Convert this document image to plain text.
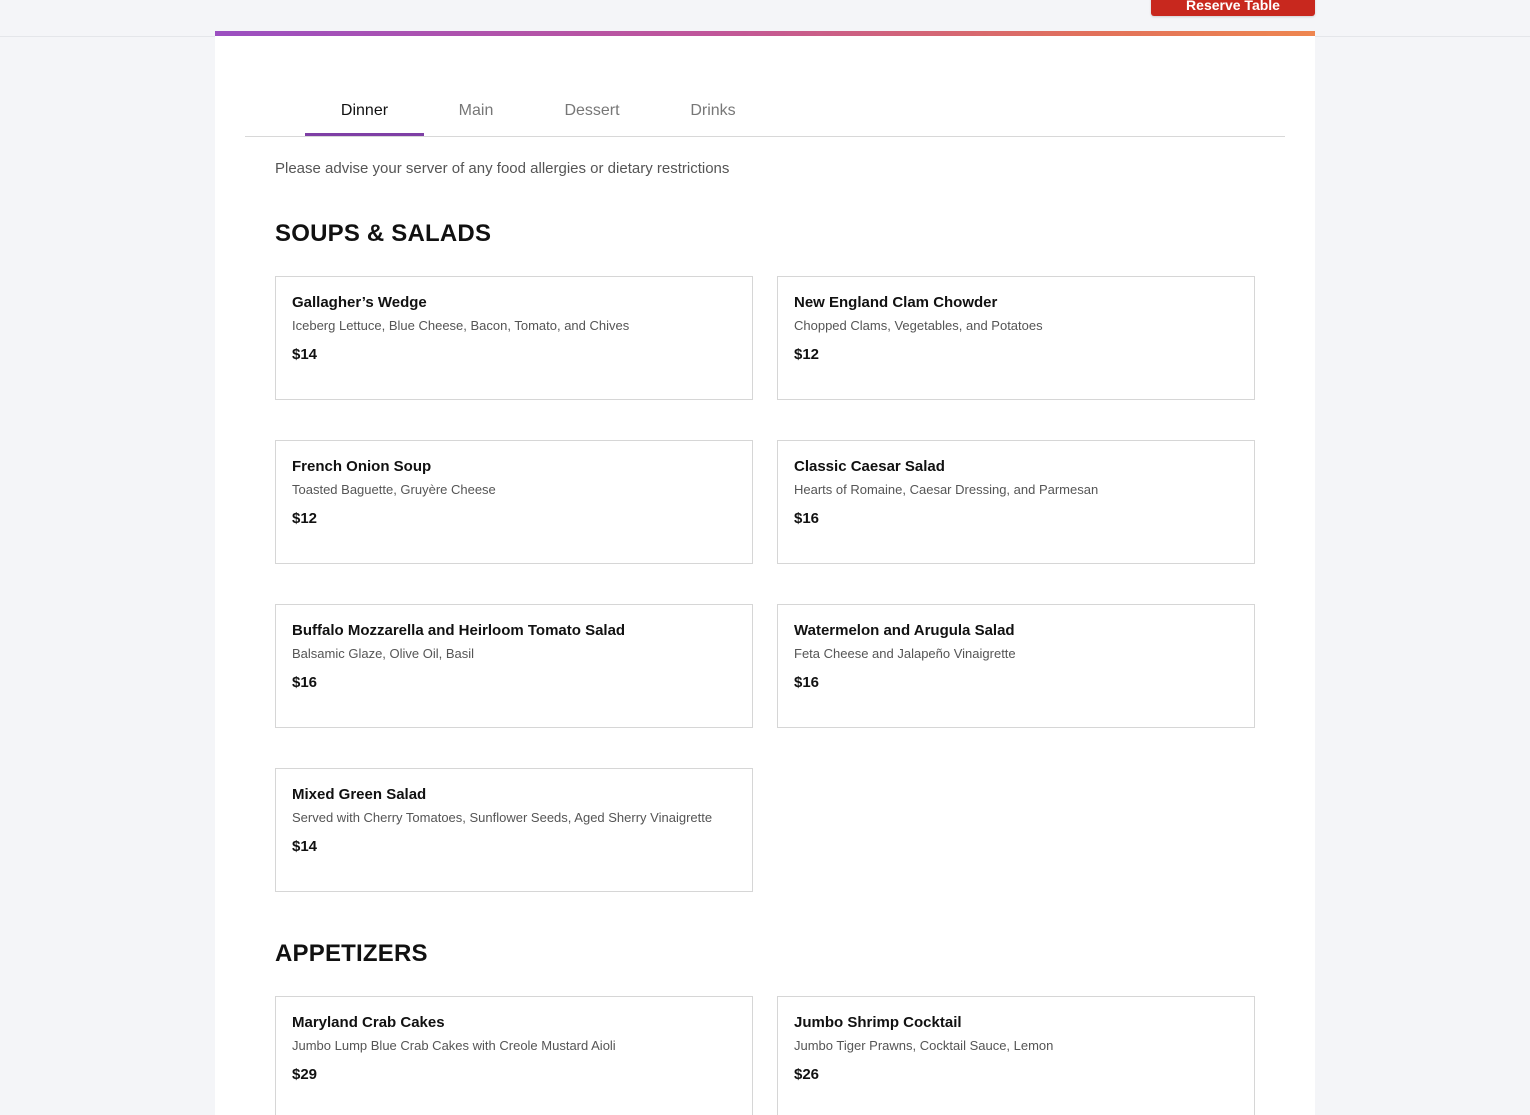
Reserve Table
Dinner	Main	Dessert	Drinks
Please advise your server of any food allergies or dietary restrictions
SOUPS & SALADS
Gallagher’s Wedge
Iceberg Lettuce, Blue Cheese, Bacon, Tomato, and Chives
$14
New England Clam Chowder
Chopped Clams, Vegetables, and Potatoes
$12
French Onion Soup
Toasted Baguette, Gruyère Cheese
$12
Classic Caesar Salad
Hearts of Romaine, Caesar Dressing, and Parmesan
$16
Buffalo Mozzarella and Heirloom Tomato Salad
Balsamic Glaze, Olive Oil, Basil
$16
Watermelon and Arugula Salad
Feta Cheese and Jalapeño Vinaigrette
$16
Mixed Green Salad
Served with Cherry Tomatoes, Sunflower Seeds, Aged Sherry Vinaigrette
$14
APPETIZERS
Maryland Crab Cakes
Jumbo Lump Blue Crab Cakes with Creole Mustard Aioli
$29
Jumbo Shrimp Cocktail
Jumbo Tiger Prawns, Cocktail Sauce, Lemon
$26
